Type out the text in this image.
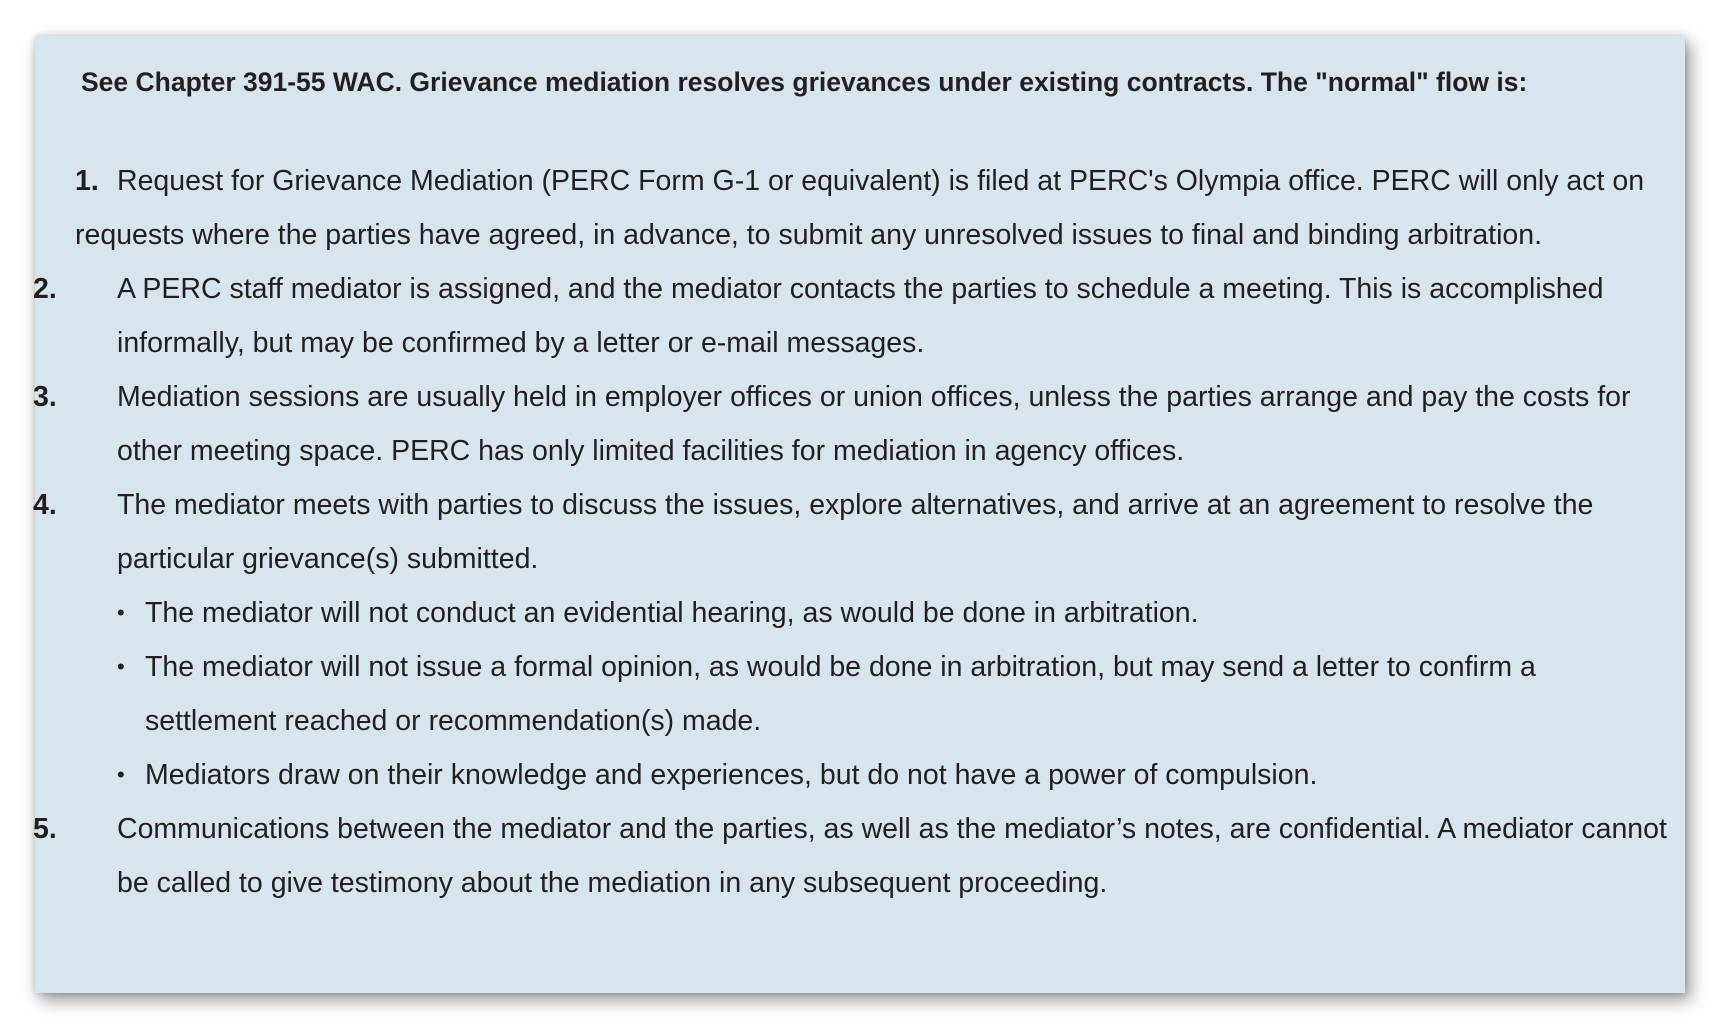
See Chapter 391-55 WAC. Grievance mediation resolves grievances under existing contracts. The "normal" flow is:

1. Request for Grievance Mediation (PERC Form G-1 or equivalent) is filed at PERC's Olympia office. PERC will only act on requests where the parties have agreed, in advance, to submit any unresolved issues to final and binding arbitration.
2. A PERC staff mediator is assigned, and the mediator contacts the parties to schedule a meeting. This is accomplished informally, but may be confirmed by a letter or e-mail messages.
3. Mediation sessions are usually held in employer offices or union offices, unless the parties arrange and pay the costs for other meeting space. PERC has only limited facilities for mediation in agency offices.
4. The mediator meets with parties to discuss the issues, explore alternatives, and arrive at an agreement to resolve the particular grievance(s) submitted.
• The mediator will not conduct an evidential hearing, as would be done in arbitration.
• The mediator will not issue a formal opinion, as would be done in arbitration, but may send a letter to confirm a settlement reached or recommendation(s) made.
• Mediators draw on their knowledge and experiences, but do not have a power of compulsion.
5. Communications between the mediator and the parties, as well as the mediator’s notes, are confidential. A mediator cannot be called to give testimony about the mediation in any subsequent proceeding.
